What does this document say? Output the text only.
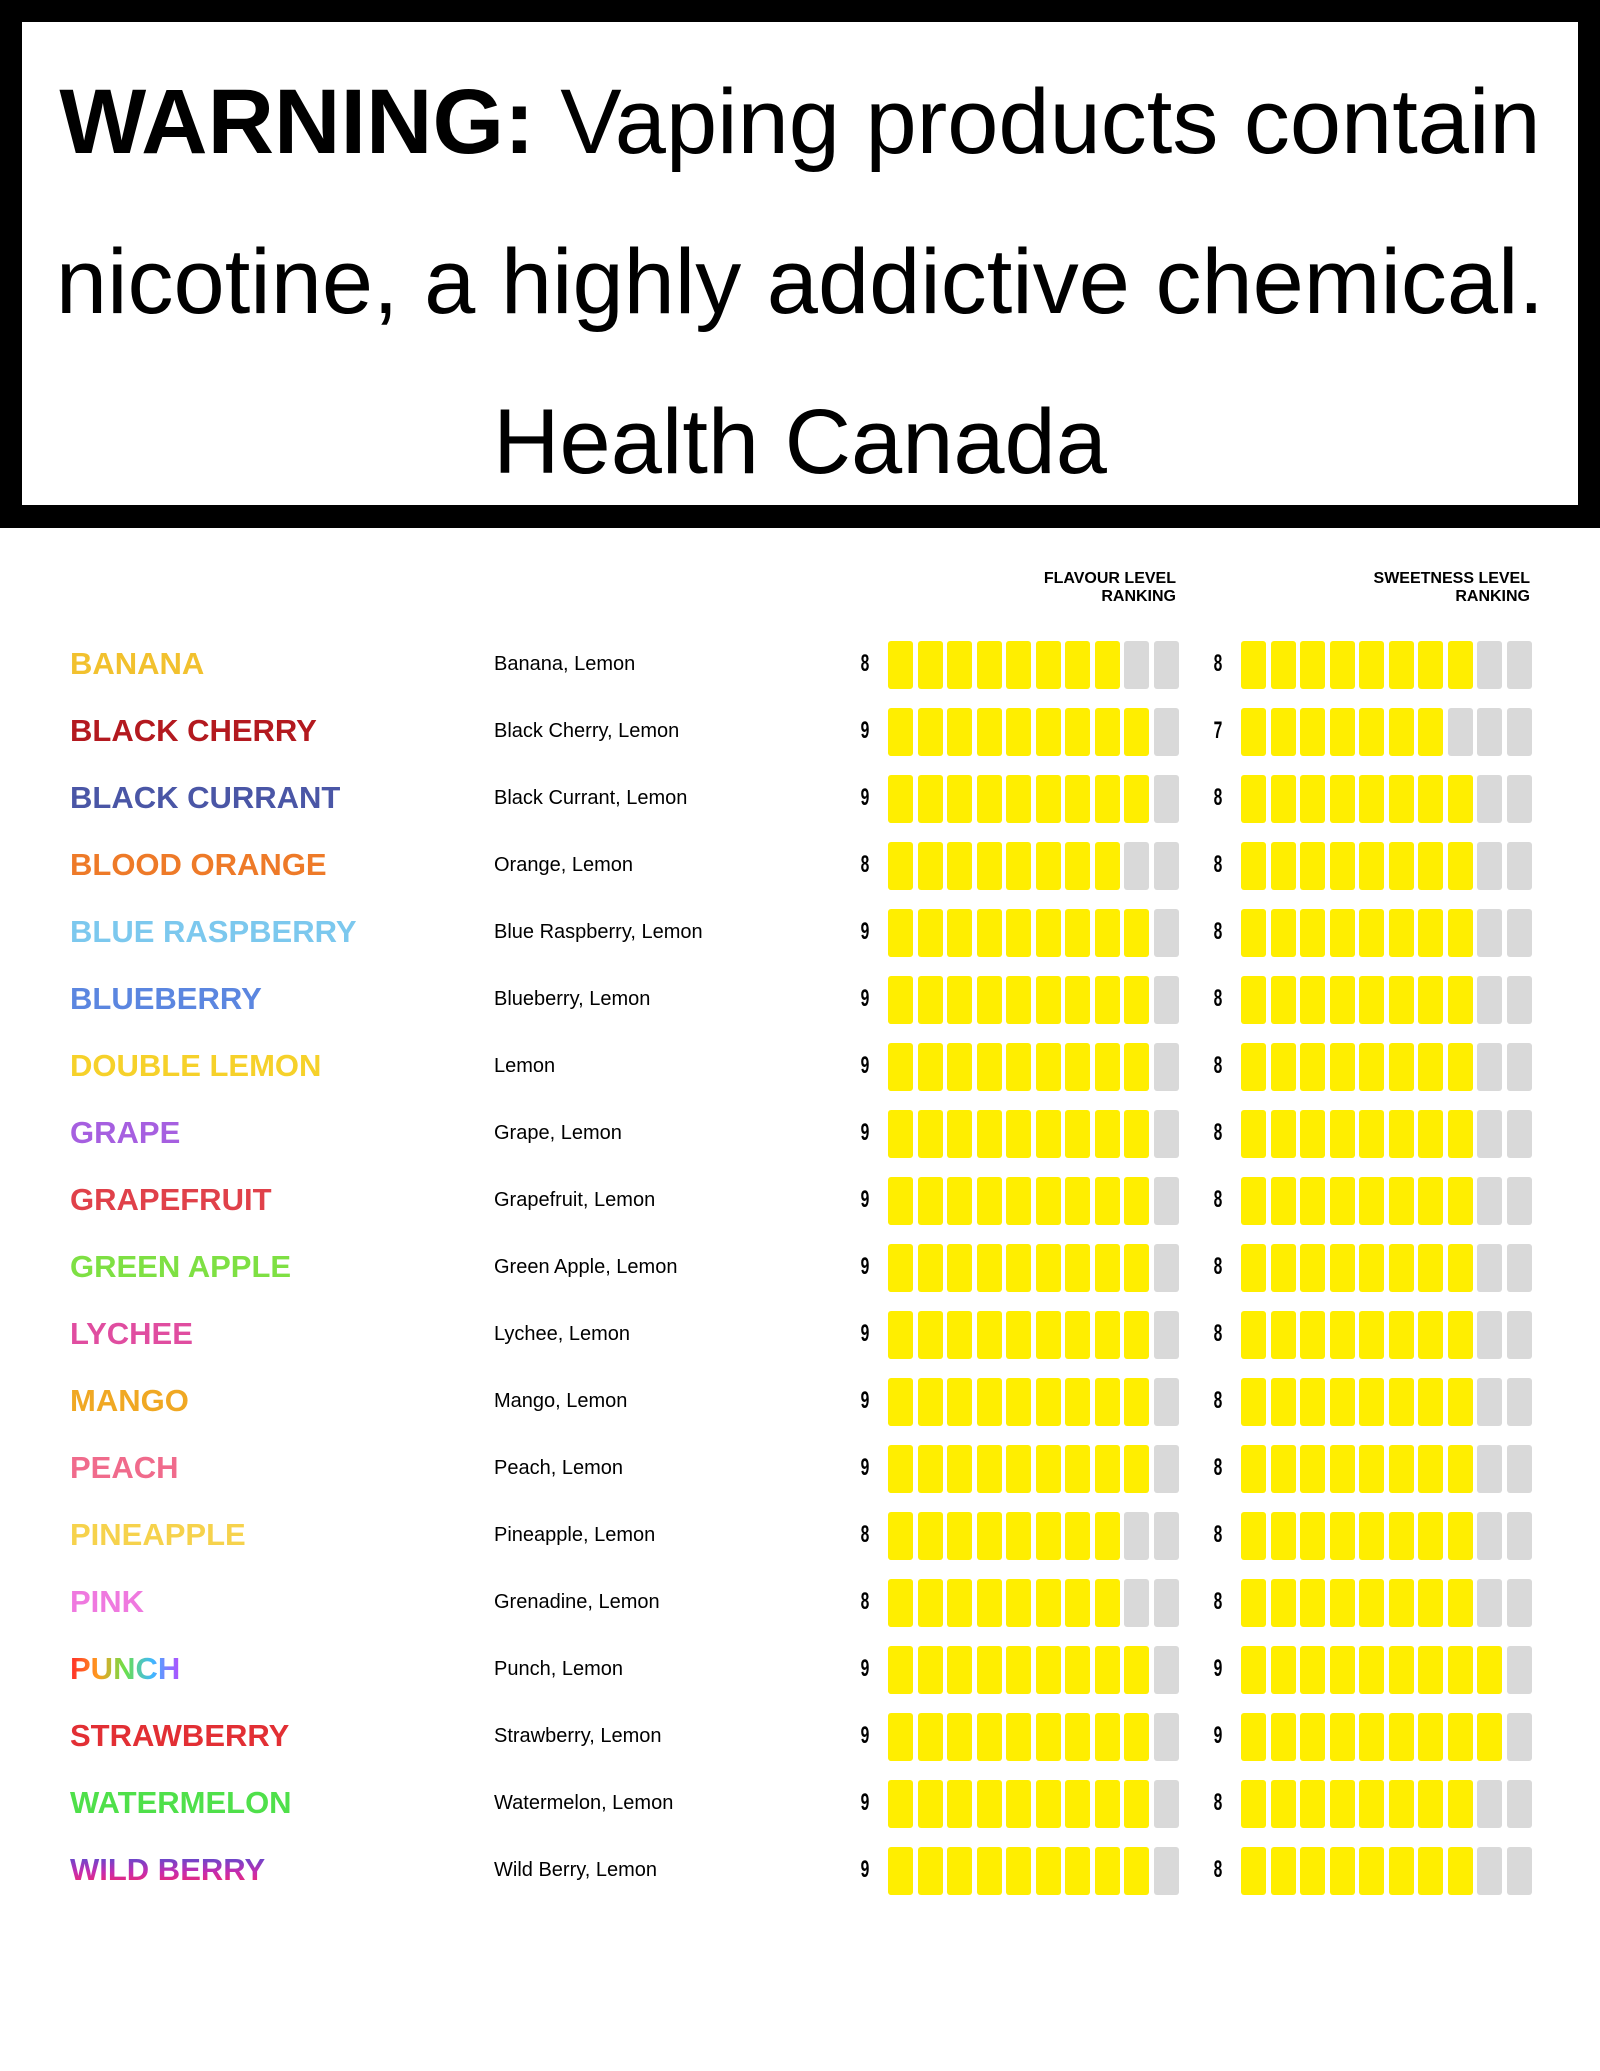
WARNING: Vaping products contain
nicotine, a highly addictive chemical.
Health Canada
FLAVOUR LEVEL
RANKING
SWEETNESS LEVEL
RANKING
BANANA	Banana, Lemon	8	8
BLACK CHERRY	Black Cherry, Lemon	9	7
BLACK CURRANT	Black Currant, Lemon	9	8
BLOOD ORANGE	Orange, Lemon	8	8
BLUE RASPBERRY	Blue Raspberry, Lemon	9	8
BLUEBERRY	Blueberry, Lemon	9	8
DOUBLE LEMON	Lemon	9	8
GRAPE	Grape, Lemon	9	8
GRAPEFRUIT	Grapefruit, Lemon	9	8
GREEN APPLE	Green Apple, Lemon	9	8
LYCHEE	Lychee, Lemon	9	8
MANGO	Mango, Lemon	9	8
PEACH	Peach, Lemon	9	8
PINEAPPLE	Pineapple, Lemon	8	8
PINK	Grenadine, Lemon	8	8
PUNCH	Punch, Lemon	9	9
STRAWBERRY	Strawberry, Lemon	9	9
WATERMELON	Watermelon, Lemon	9	8
WILD BERRY	Wild Berry, Lemon	9	8
